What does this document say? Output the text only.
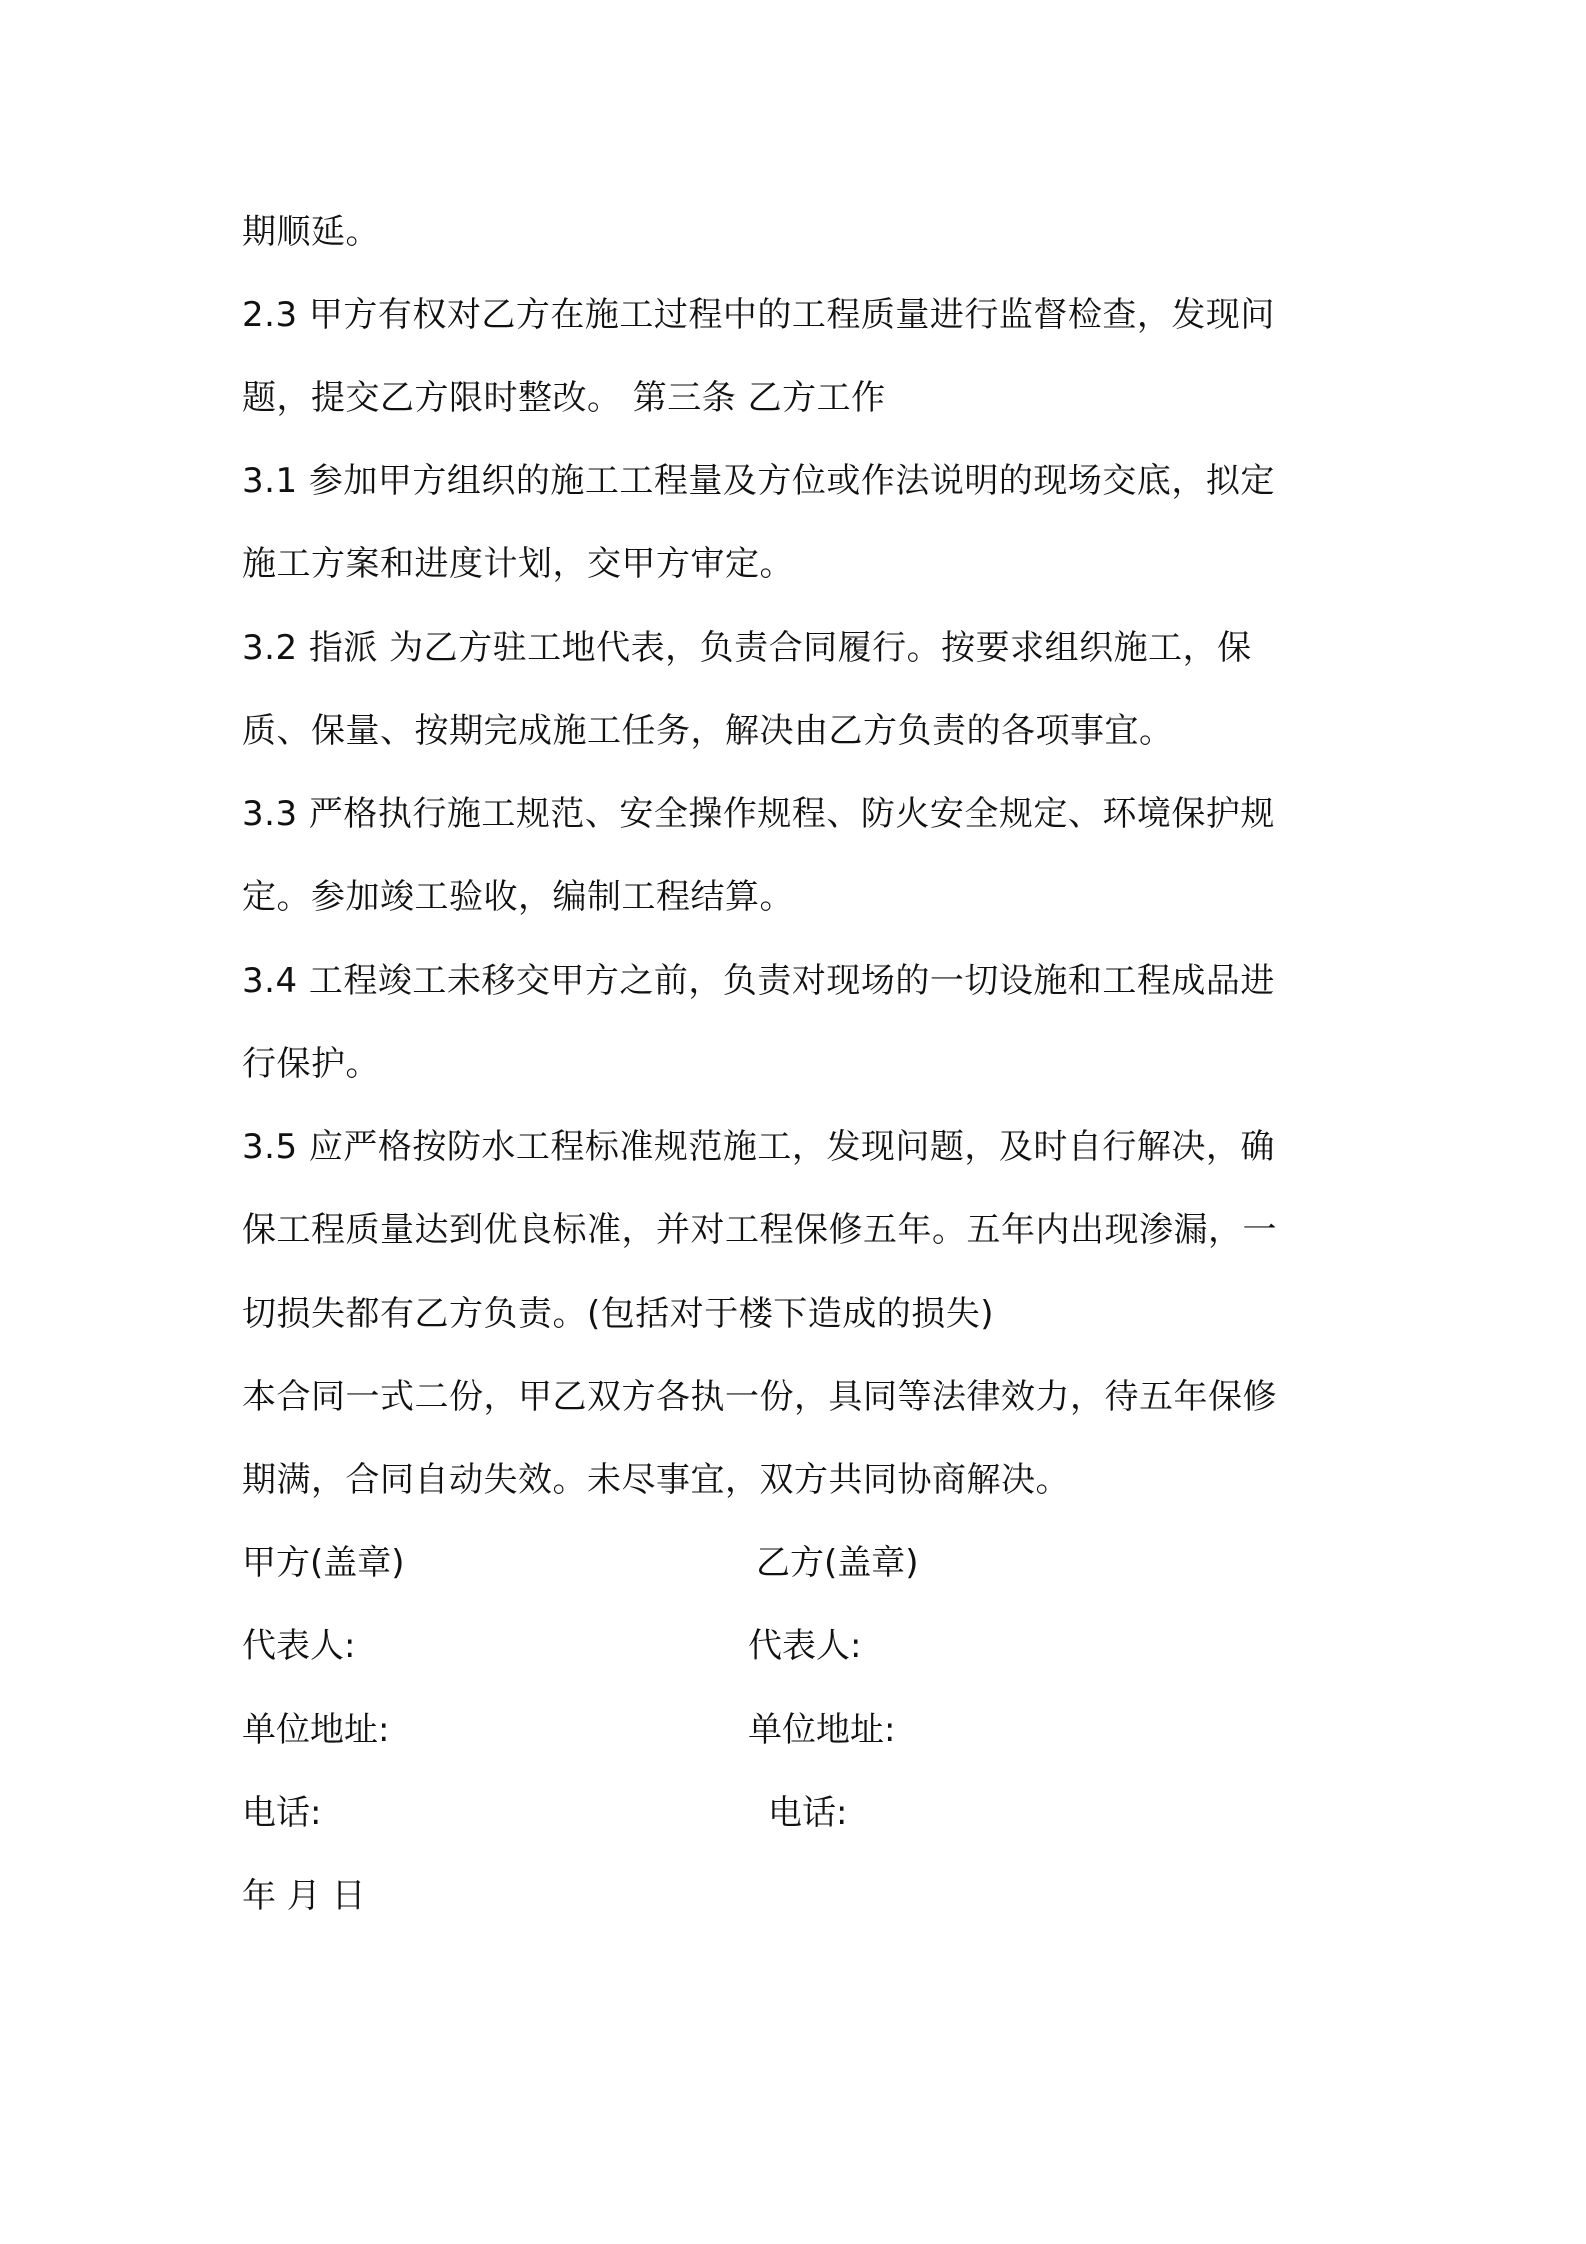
期顺延。
2.3 甲方有权对乙方在施工过程中的工程质量进行监督检查，发现问
题，提交乙方限时整改。 第三条 乙方工作
3.1 参加甲方组织的施工工程量及方位或作法说明的现场交底，拟定
施工方案和进度计划，交甲方审定。
3.2 指派 为乙方驻工地代表，负责合同履行。按要求组织施工，保
质、保量、按期完成施工任务，解决由乙方负责的各项事宜。
3.3 严格执行施工规范、安全操作规程、防火安全规定、环境保护规
定。参加竣工验收，编制工程结算。
3.4 工程竣工未移交甲方之前，负责对现场的一切设施和工程成品进
行保护。
3.5 应严格按防水工程标准规范施工，发现问题，及时自行解决，确
保工程质量达到优良标准，并对工程保修五年。五年内出现渗漏，一
切损失都有乙方负责。(包括对于楼下造成的损失)
本合同一式二份，甲乙双方各执一份，具同等法律效力，待五年保修
期满，合同自动失效。未尽事宜，双方共同协商解决。
甲方(盖章)	乙方(盖章)
代表人:	代表人:
单位地址:	单位地址:
电话:	电话:
年 月 日
